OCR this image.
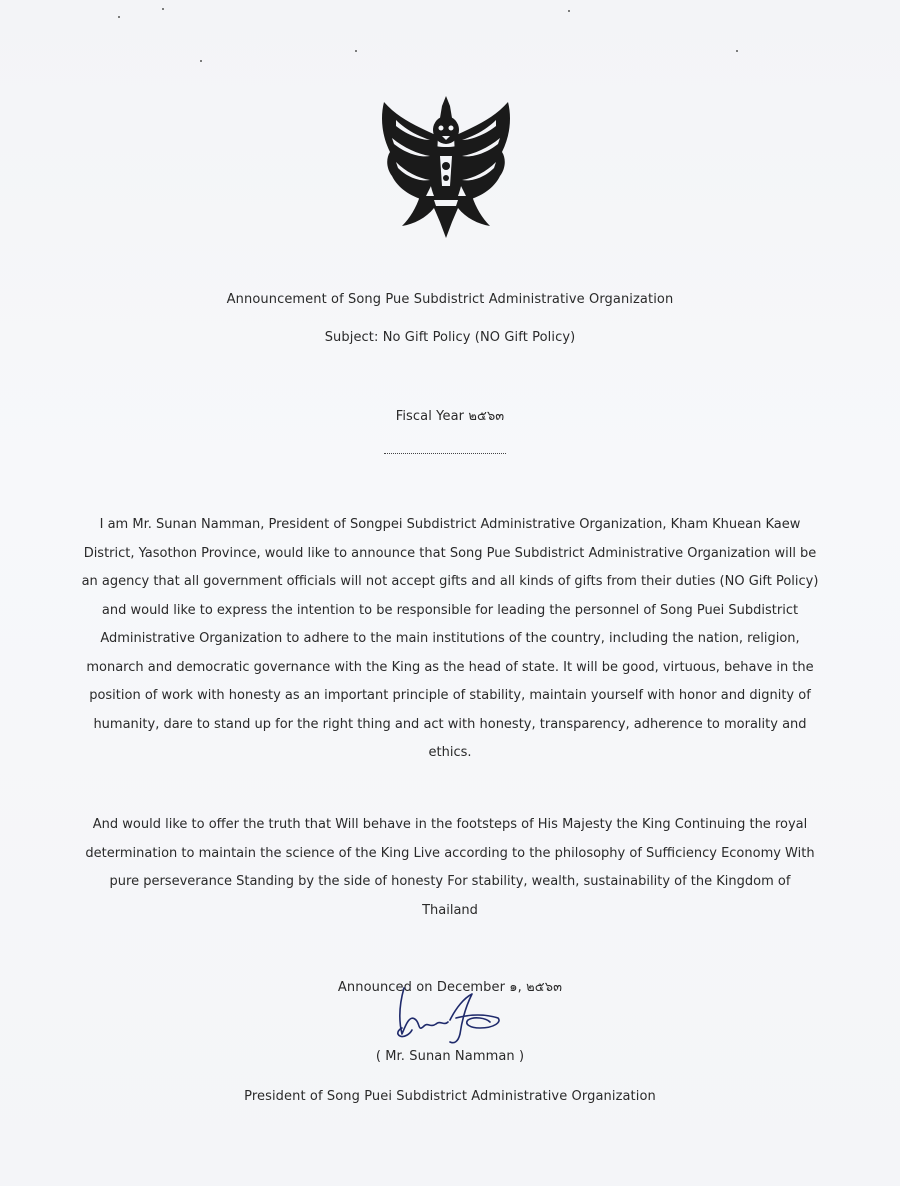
Announcement of Song Pue Subdistrict Administrative Organization
Subject: No Gift Policy (NO Gift Policy)
Fiscal Year ๒๕๖๓
I am Mr. Sunan Namman, President of Songpei Subdistrict Administrative Organization, Kham Khuean Kaew District, Yasothon Province, would like to announce that Song Pue Subdistrict Administrative Organization will be an agency that all government officials will not accept gifts and all kinds of gifts from their duties (NO Gift Policy) and would like to express the intention to be responsible for leading the personnel of Song Puei Subdistrict Administrative Organization to adhere to the main institutions of the country, including the nation, religion, monarch and democratic governance with the King as the head of state. It will be good, virtuous, behave in the position of work with honesty as an important principle of stability, maintain yourself with honor and dignity of humanity, dare to stand up for the right thing and act with honesty, transparency, adherence to morality and ethics.
And would like to offer the truth that Will behave in the footsteps of His Majesty the King Continuing the royal determination to maintain the science of the King Live according to the philosophy of Sufficiency Economy With pure perseverance Standing by the side of honesty For stability, wealth, sustainability of the Kingdom of Thailand
Announced on December ๑, ๒๕๖๓
( Mr. Sunan Namman )
President of Song Puei Subdistrict Administrative Organization
